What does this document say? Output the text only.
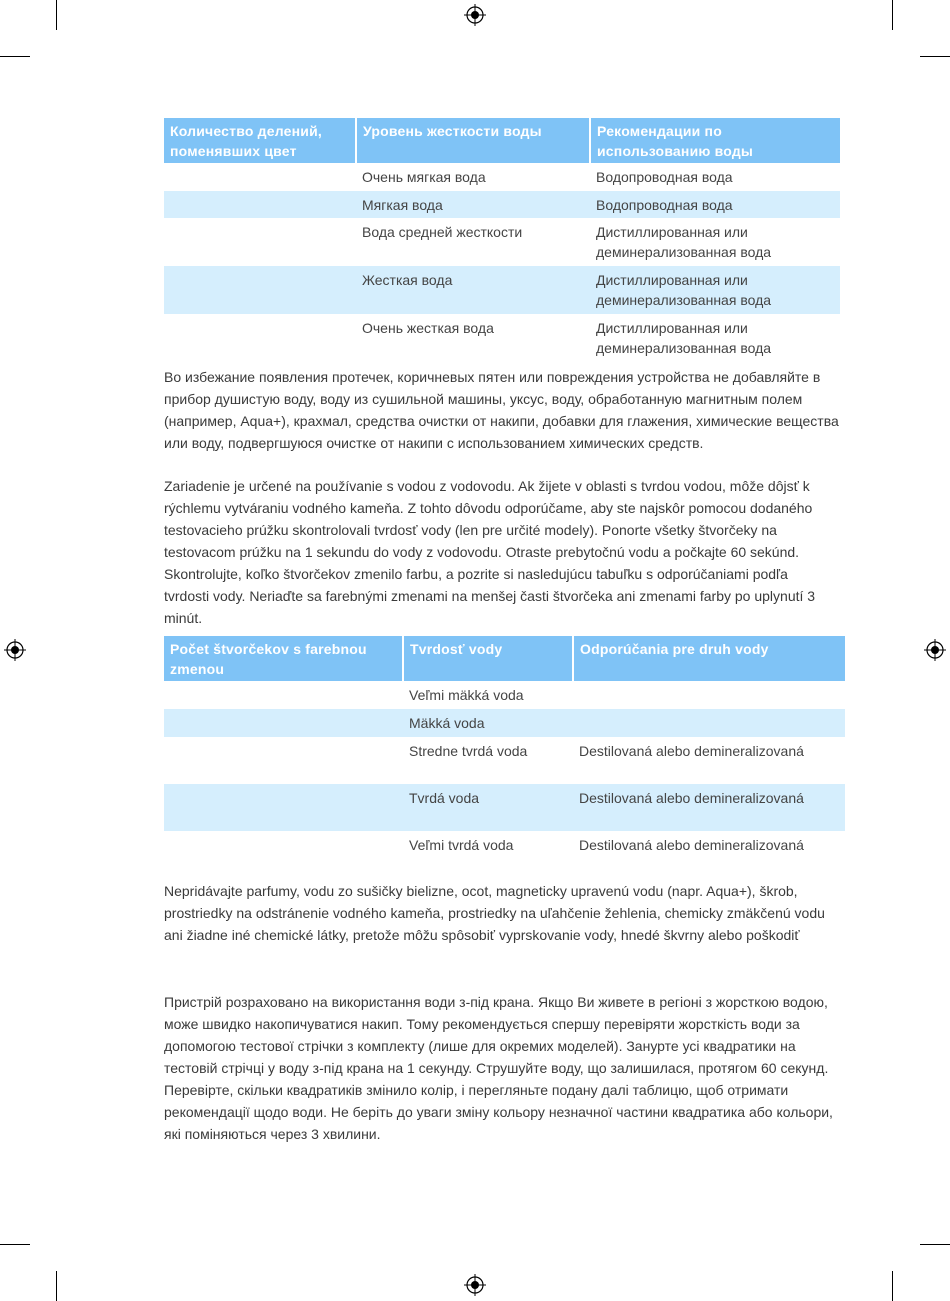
Количество делений, поменявших цвет	Уровень жесткости воды	Рекомендации по использованию воды
	Очень мягкая вода	Водопроводная вода
	Мягкая вода	Водопроводная вода
	Вода средней жесткости	Дистиллированная или деминерализованная вода
	Жесткая вода	Дистиллированная или деминерализованная вода
	Очень жесткая вода	Дистиллированная или деминерализованная вода

Во избежание появления протечек, коричневых пятен или повреждения устройства не добавляйте в прибор душистую воду, воду из сушильной машины, уксус, воду, обработанную магнитным полем (например, Aqua+), крахмал, средства очистки от накипи, добавки для глажения, химические вещества или воду, подвергшуюся очистке от накипи с использованием химических средств.

Zariadenie je určené na používanie s vodou z vodovodu. Ak žijete v oblasti s tvrdou vodou, môže dôjsť k rýchlemu vytváraniu vodného kameňa. Z tohto dôvodu odporúčame, aby ste najskôr pomocou dodaného testovacieho prúžku skontrolovali tvrdosť vody (len pre určité modely). Ponorte všetky štvorčeky na testovacom prúžku na 1 sekundu do vody z vodovodu. Otraste prebytočnú vodu a počkajte 60 sekúnd. Skontrolujte, koľko štvorčekov zmenilo farbu, a pozrite si nasledujúcu tabuľku s odporúčaniami podľa tvrdosti vody. Neriaďte sa farebnými zmenami na menšej časti štvorčeka ani zmenami farby po uplynutí 3 minút.

Počet štvorčekov s farebnou zmenou	Tvrdosť vody	Odporúčania pre druh vody
	Veľmi mäkká voda	
	Mäkká voda	
	Stredne tvrdá voda	Destilovaná alebo demineralizovaná
	Tvrdá voda	Destilovaná alebo demineralizovaná
	Veľmi tvrdá voda	Destilovaná alebo demineralizovaná

Nepridávajte parfumy, vodu zo sušičky bielizne, ocot, magneticky upravenú vodu (napr. Aqua+), škrob, prostriedky na odstránenie vodného kameňa, prostriedky na uľahčenie žehlenia, chemicky zmäkčenú vodu ani žiadne iné chemické látky, pretože môžu spôsobiť vyprskovanie vody, hnedé škvrny alebo poškodiť

Пристрій розраховано на використання води з-під крана. Якщо Ви живете в регіоні з жорсткою водою, може швидко накопичуватися накип. Тому рекомендується спершу перевіряти жорсткість води за допомогою тестової стрічки з комплекту (лише для окремих моделей). Занурте усі квадратики на тестовій стрічці у воду з-під крана на 1 секунду. Струшуйте воду, що залишилася, протягом 60 секунд. Перевірте, скільки квадратиків змінило колір, і перегляньте подану далі таблицю, щоб отримати рекомендації щодо води. Не беріть до уваги зміну кольору незначної частини квадратика або кольори, які поміняються через 3 хвилини.
